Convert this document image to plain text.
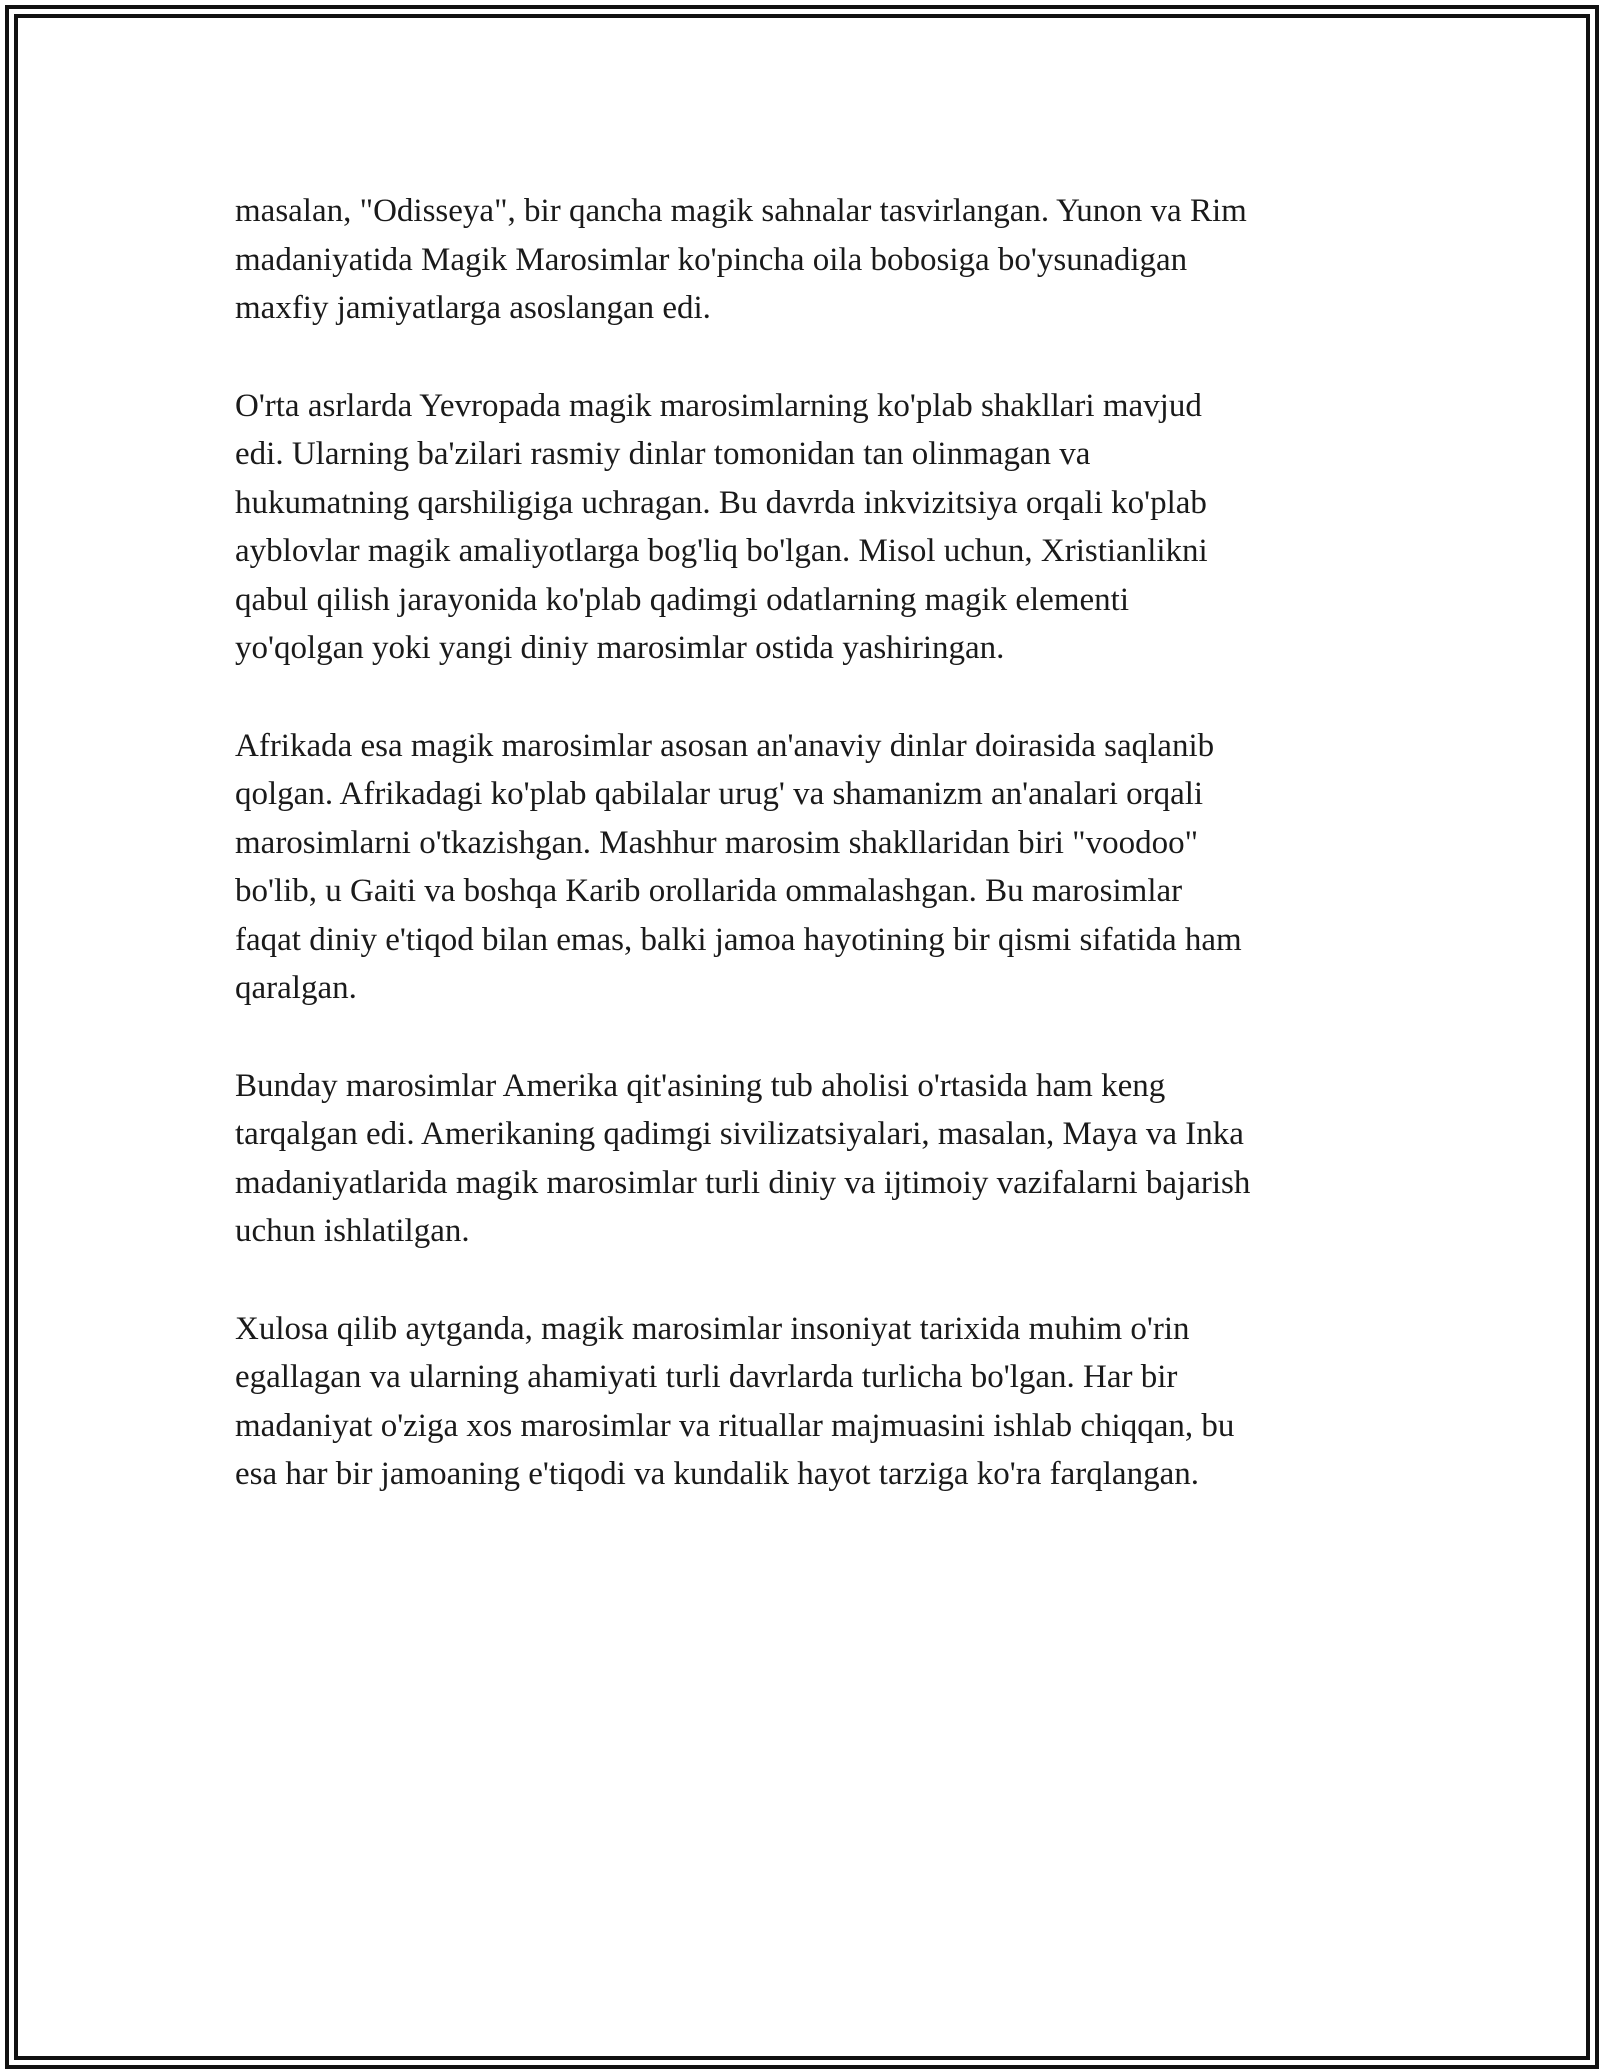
masalan, "Odisseya", bir qancha magik sahnalar tasvirlangan. Yunon va Rim
madaniyatida Magik Marosimlar ko'pincha oila bobosiga bo'ysunadigan
maxfiy jamiyatlarga asoslangan edi.

O'rta asrlarda Yevropada magik marosimlarning ko'plab shakllari mavjud
edi. Ularning ba'zilari rasmiy dinlar tomonidan tan olinmagan va
hukumatning qarshiligiga uchragan. Bu davrda inkvizitsiya orqali ko'plab
ayblovlar magik amaliyotlarga bog'liq bo'lgan. Misol uchun, Xristianlikni
qabul qilish jarayonida ko'plab qadimgi odatlarning magik elementi
yo'qolgan yoki yangi diniy marosimlar ostida yashiringan.

Afrikada esa magik marosimlar asosan an'anaviy dinlar doirasida saqlanib
qolgan. Afrikadagi ko'plab qabilalar urug' va shamanizm an'analari orqali
marosimlarni o'tkazishgan. Mashhur marosim shakllaridan biri "voodoo"
bo'lib, u Gaiti va boshqa Karib orollarida ommalashgan. Bu marosimlar
faqat diniy e'tiqod bilan emas, balki jamoa hayotining bir qismi sifatida ham
qaralgan.

Bunday marosimlar Amerika qit'asining tub aholisi o'rtasida ham keng
tarqalgan edi. Amerikaning qadimgi sivilizatsiyalari, masalan, Maya va Inka
madaniyatlarida magik marosimlar turli diniy va ijtimoiy vazifalarni bajarish
uchun ishlatilgan.

Xulosa qilib aytganda, magik marosimlar insoniyat tarixida muhim o'rin
egallagan va ularning ahamiyati turli davrlarda turlicha bo'lgan. Har bir
madaniyat o'ziga xos marosimlar va rituallar majmuasini ishlab chiqqan, bu
esa har bir jamoaning e'tiqodi va kundalik hayot tarziga ko'ra farqlangan.
